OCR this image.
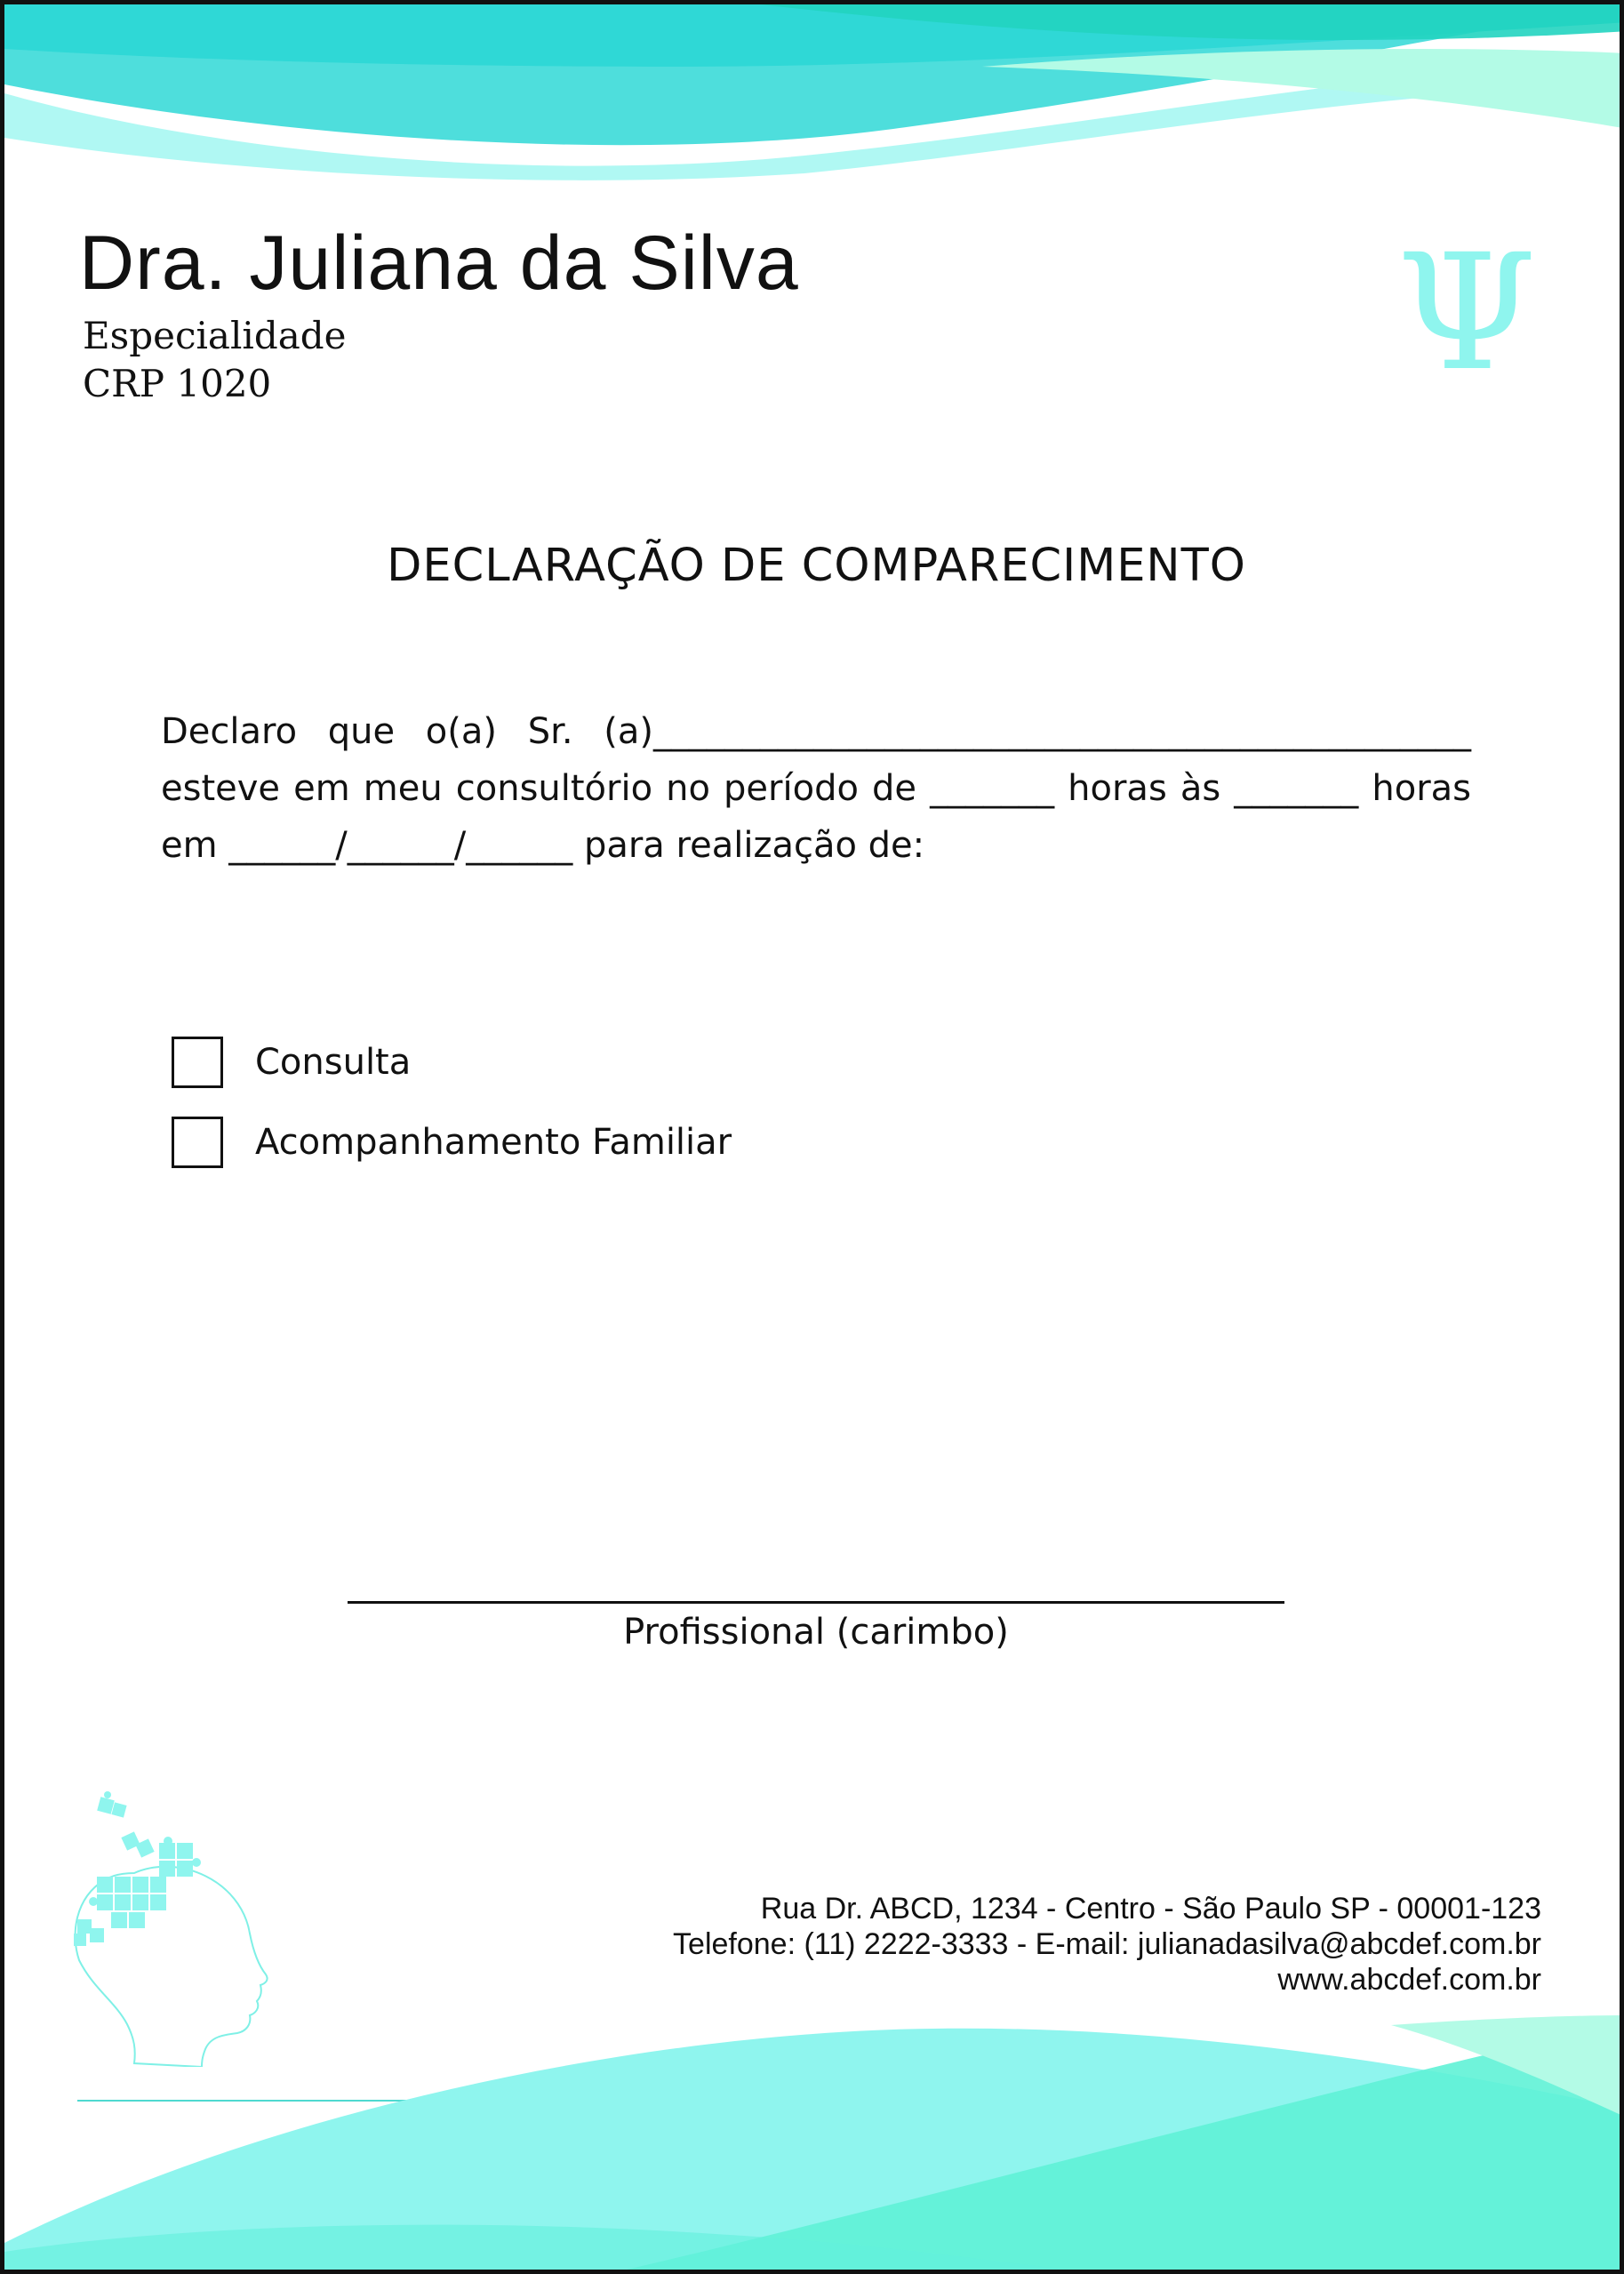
Dra. Juliana da Silva
Especialidade
CRP 1020	Ψ
DECLARAÇÃO DE COMPARECIMENTO

Declaro que o(a) Sr. (a)______________________________________________

esteve em meu consultório no período de _______ horas às _______ horas

em ______/______/______ para realização de:

Consulta
Acompanhamento Familiar
Profissional (carimbo)
Rua Dr. ABCD, 1234 - Centro - São Paulo SP - 00001-123
Telefone: (11) 2222-3333 - E-mail: julianadasilva@abcdef.com.br
www.abcdef.com.br
